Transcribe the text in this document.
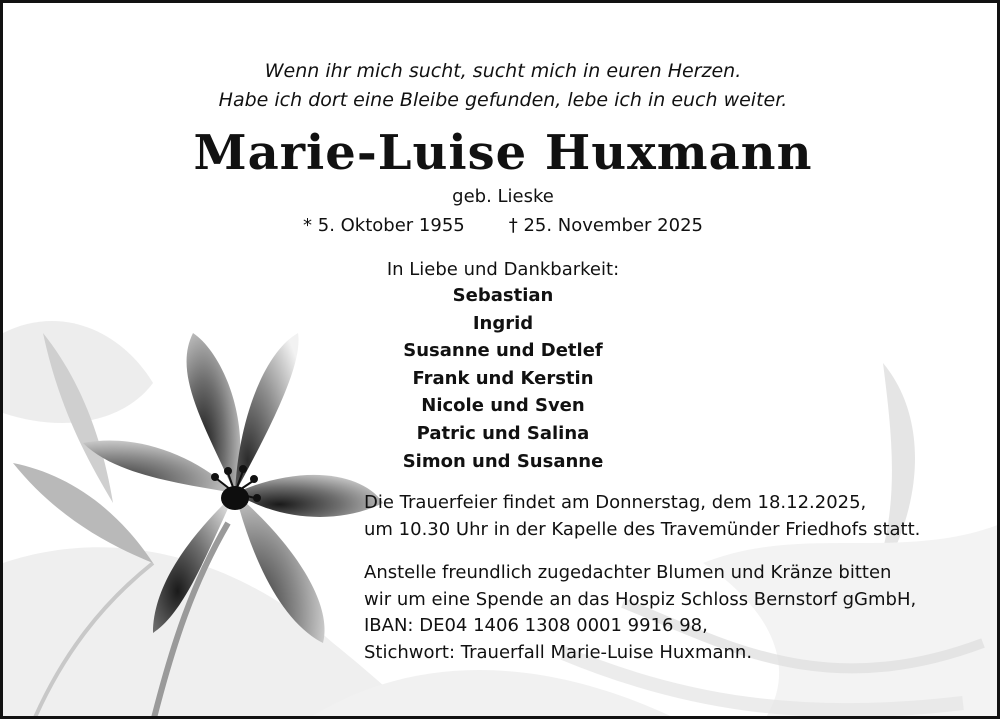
Wenn ihr mich sucht, sucht mich in euren Herzen.
Habe ich dort eine Bleibe gefunden, lebe ich in euch weiter.
Marie-Luise Huxmann
geb. Lieske
* 5. Oktober 1955 † 25. November 2025
In Liebe und Dankbarkeit:
Sebastian
Ingrid
Susanne und Detlef
Frank und Kerstin
Nicole und Sven
Patric und Salina
Simon und Susanne
Die Trauerfeier findet am Donnerstag, dem 18.12.2025,
um 10.30 Uhr in der Kapelle des Travemünder Friedhofs statt.
Anstelle freundlich zugedachter Blumen und Kränze bitten
wir um eine Spende an das Hospiz Schloss Bernstorf gGmbH,
IBAN: DE04 1406 1308 0001 9916 98,
Stichwort: Trauerfall Marie-Luise Huxmann.
